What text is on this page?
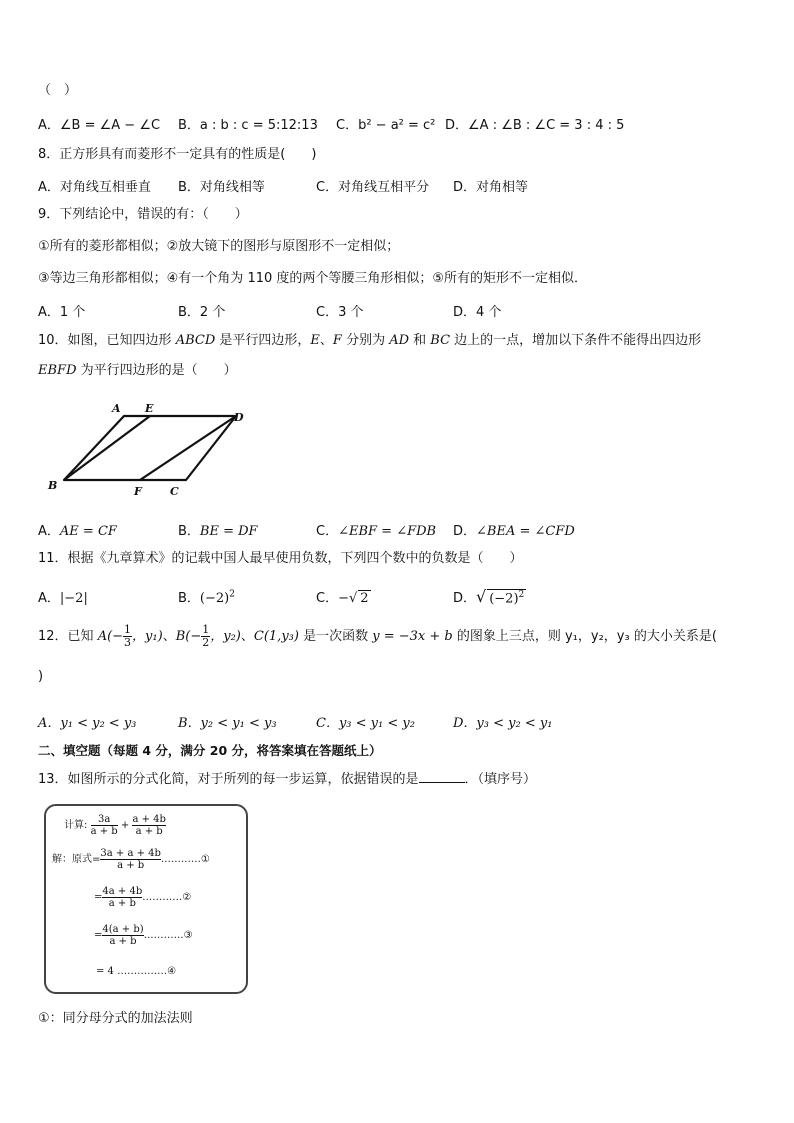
（　）
A．∠B = ∠A − ∠C B．a : b : c = 5:12:13 C．b² − a² = c² D．∠A : ∠B : ∠C = 3 : 4 : 5
8．正方形具有而菱形不一定具有的性质是(　　)
A．对角线互相垂直 B．对角线相等	C．对角线互相平分 D．对角相等
9．下列结论中，错误的有：（　　）
①所有的菱形都相似；②放大镜下的图形与原图形不一定相似；
③等边三角形都相似；④有一个角为 110 度的两个等腰三角形相似；⑤所有的矩形不一定相似．
A．1 个	B．2 个	C．3 个	D．4 个
10．如图，已知四边形 ABCD 是平行四边形，E、F 分别为 AD 和 BC 边上的一点，增加以下条件不能得出四边形
EBFD 为平行四边形的是（　　）
A E
D
B	F	C
A．AE = CF	B．BE = DF	C．∠EBF = ∠FDB D．∠BEA = ∠CFD
11．根据《九章算术》的记载中国人最早使用负数，下列四个数中的负数是（　　）
A．|−2|	B．$(-2)^2$	C．−√ 2	D．√ $(-2)^2$
12．已知 $A(- \frac{1}{3}$ ，y₁)、$B(- \frac{1}{2}$ ，y₂)、C(1,y₃) 是一次函数 y = −3x + b 的图象上三点，则 y₁，y₂，y₃ 的大小关系是(
)
A．y₁ < y₂ < y₃	B．y₂ < y₁ < y₃	C．y₃ < y₁ < y₂	D．y₃ < y₂ < y₁
二、填空题（每题 4 分，满分 20 分，将答案填在答题纸上）
13．如图所示的分式化简，对于所列的每一步运算，依据错误的是	．（填序号）
计算: $\frac{3a}{a + b} + \frac{a + 4b}{a + b}$
解：原式= $\frac{3a + a + 4b}{a + b}$ …………①
= $\frac{4a + 4b}{a + b}$ …………②
= $\frac{4(a + b)}{a + b}$ …………③
= 4 ……………④
①：同分母分式的加法法则
